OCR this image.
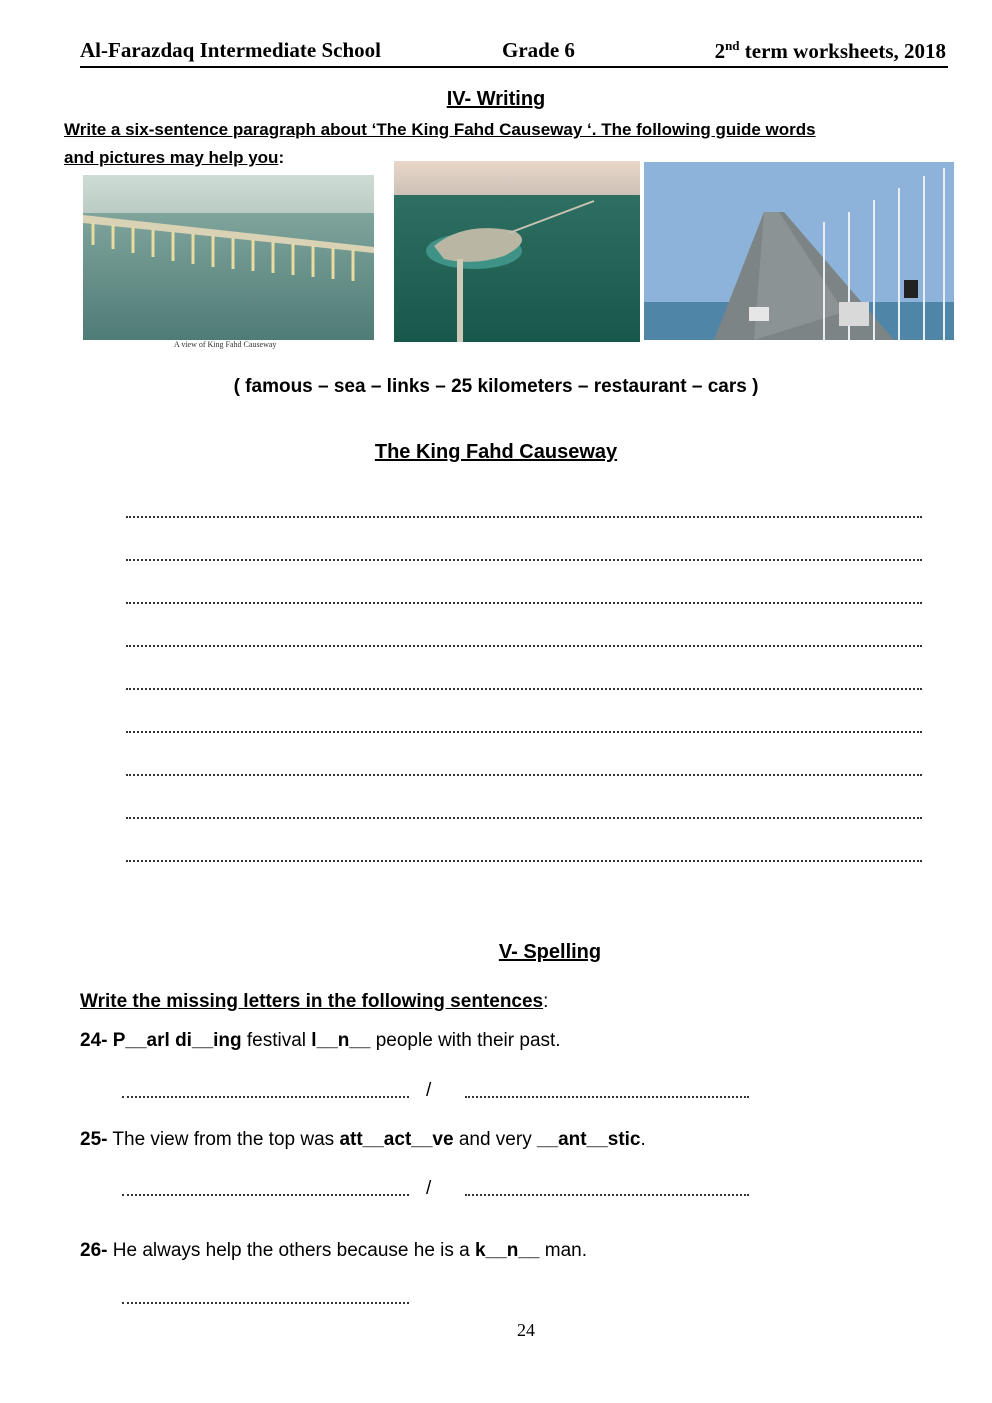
Al-Farazdaq Intermediate School	Grade 6	2nd term worksheets, 2018
IV- Writing
Write a six-sentence paragraph about ‘The King Fahd Causeway ‘. The following guide words
and pictures may help you:
A view of King Fahd Causeway
( famous – sea – links – 25 kilometers – restaurant – cars )
The King Fahd Causeway
V- Spelling
Write the missing letters in the following sentences:
24- P__arl di__ing festival l__n__ people with their past.
/
25- The view from the top was att__act__ve and very __ant__stic.
/
26- He always help the others because he is a k__n__ man.
24
